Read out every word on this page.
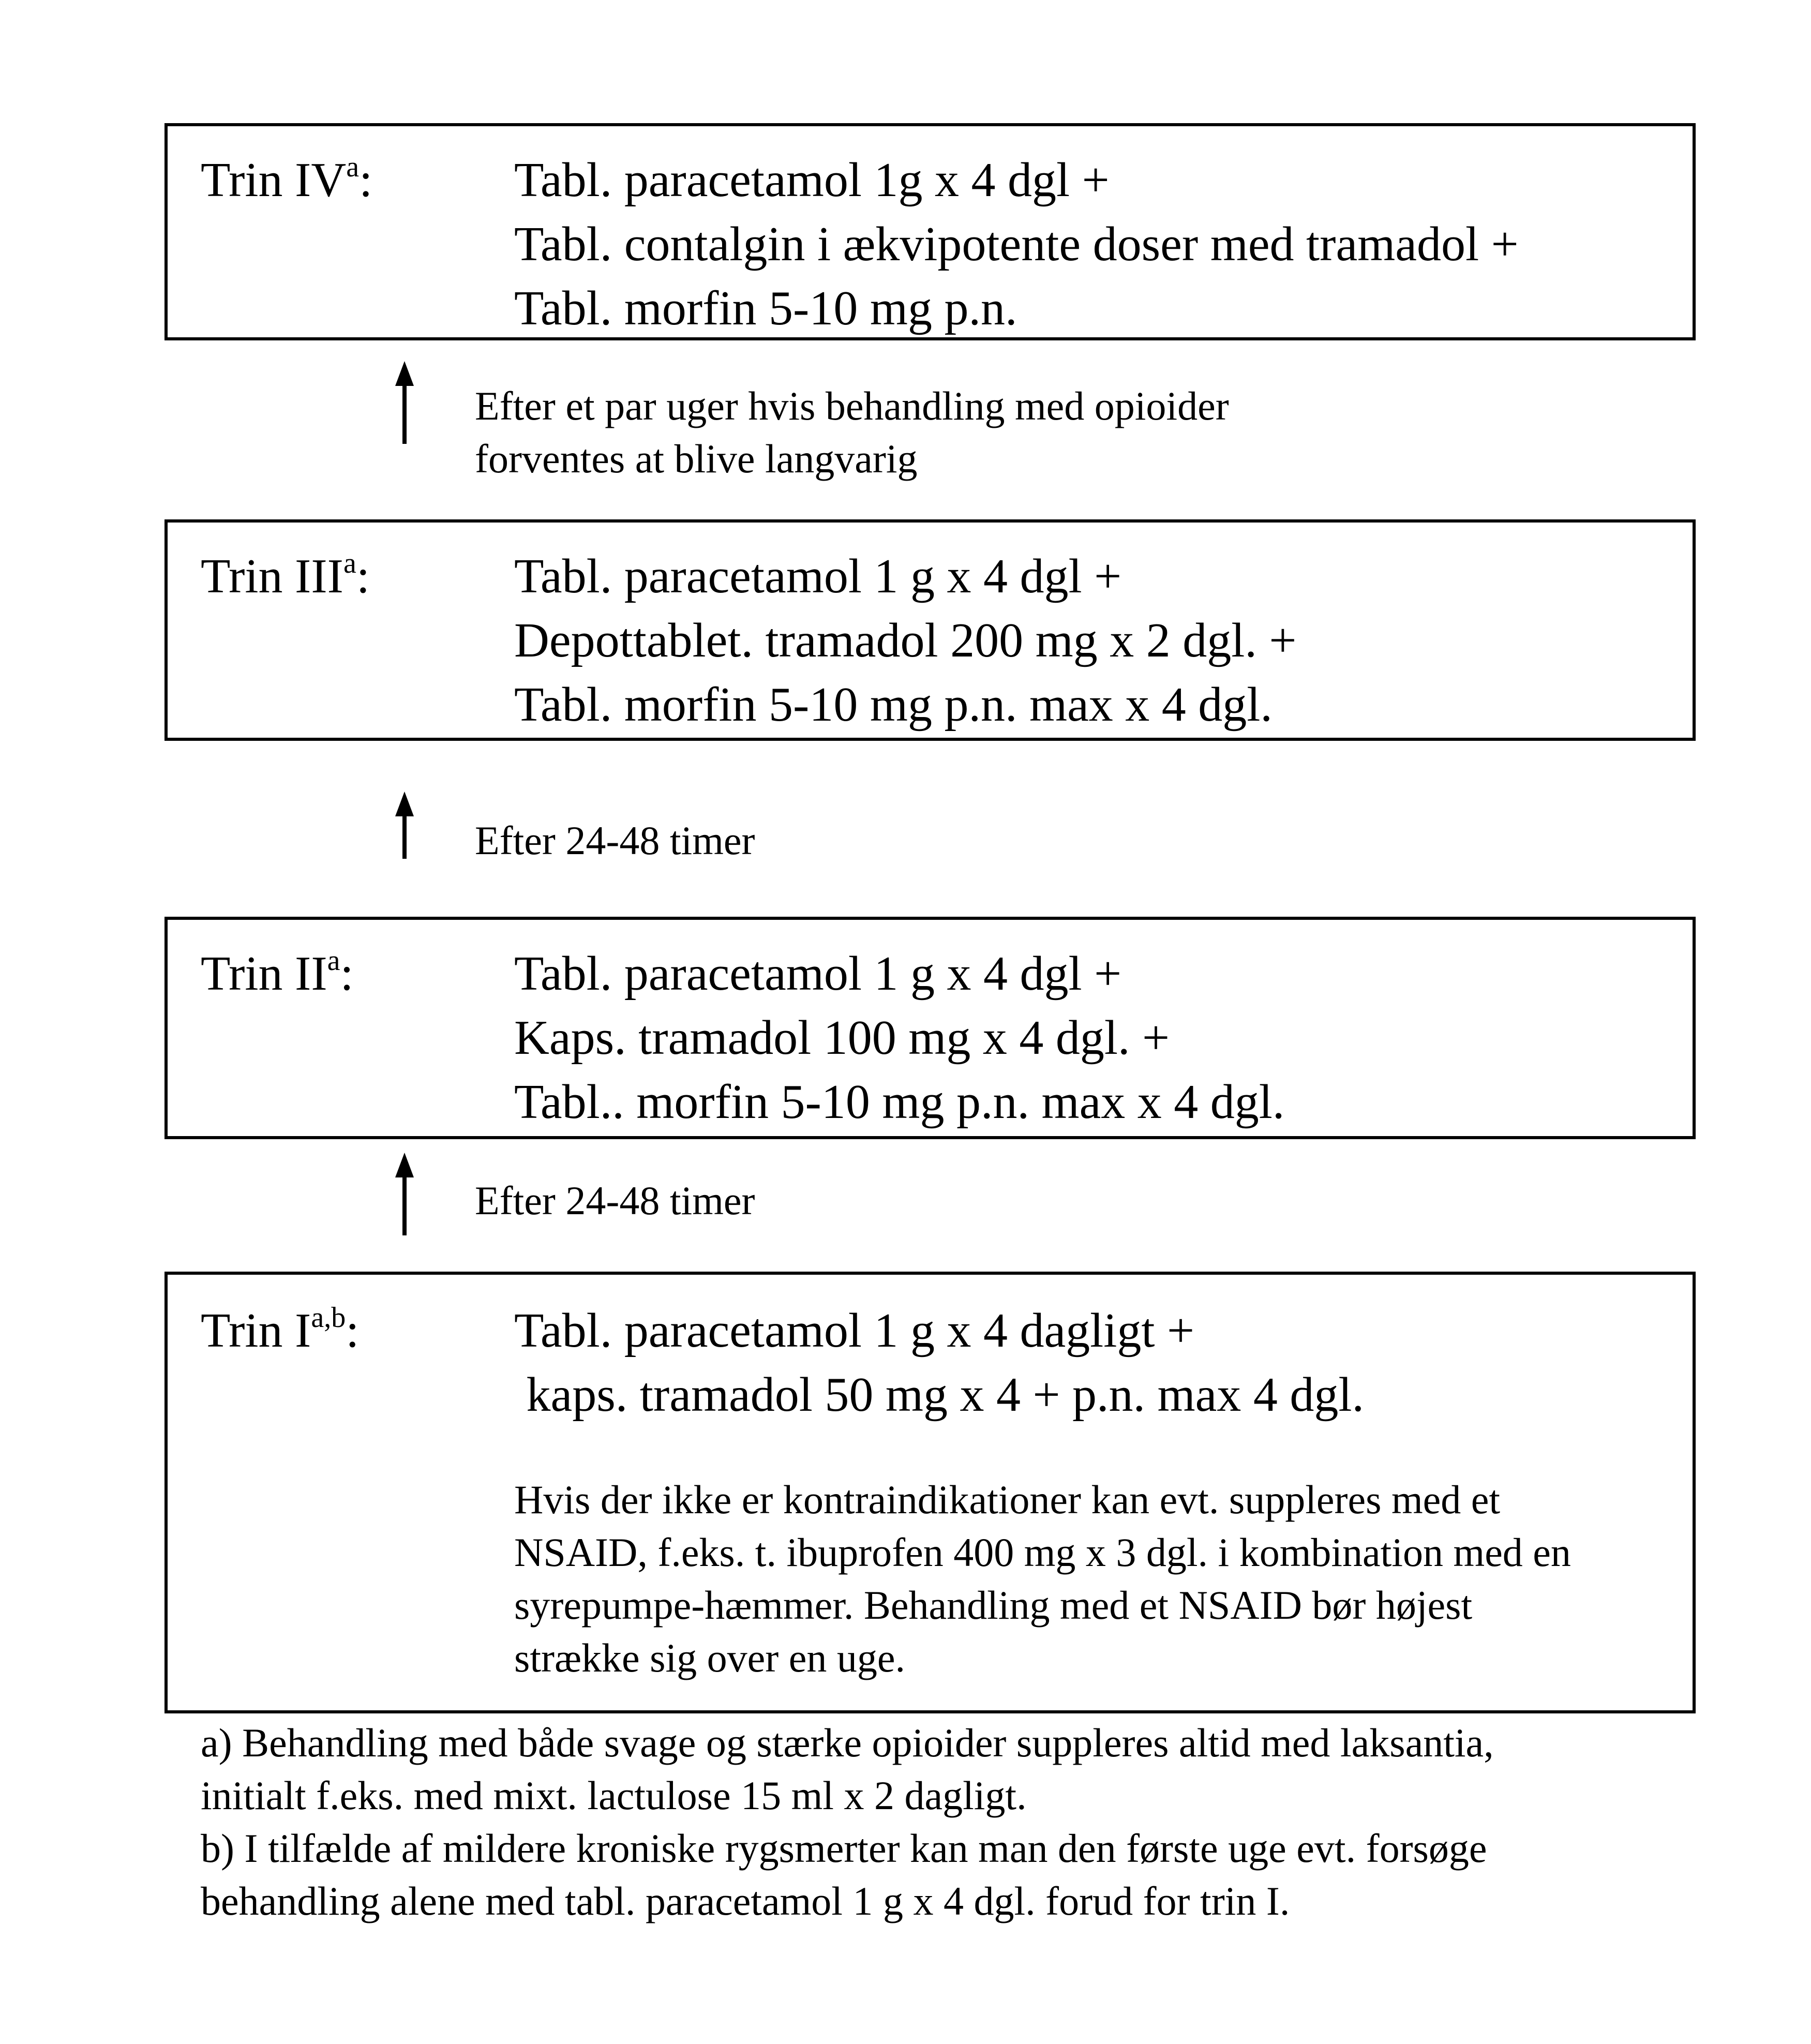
Trin $IV^a$:	Tabl. paracetamol 1g x 4 dgl +
Tabl. contalgin i ækvipotente doser med tramadol +
Tabl. morfin 5-10 mg p.n.
Efter et par uger hvis behandling med opioider
forventes at blive langvarig
Trin III$^a$:	Tabl. paracetamol 1 g x 4 dgl +
Depottablet. tramadol 200 mg x 2 dgl. +
Tabl. morfin 5-10 mg p.n. max x 4 dgl.
Efter 24-48 timer
Trin $II^a$:	Tabl. paracetamol 1 g x 4 dgl +
Kaps. tramadol 100 mg x 4 dgl. +
Tabl.. morfin 5-10 mg p.n. max x 4 dgl.
Efter 24-48 timer
Trin I$^{a,b}$:	Tabl. paracetamol 1 g x 4 dagligt +
kaps. tramadol 50 mg x 4 + p.n. max 4 dgl.
Hvis der ikke er kontraindikationer kan evt. suppleres med et
NSAID, f.eks. t. ibuprofen 400 mg x 3 dgl. i kombination med en
syrepumpe-hæmmer. Behandling med et NSAID bør højest
strække sig over en uge.
a) Behandling med både svage og stærke opioider suppleres altid med laksantia,
initialt f.eks. med mixt. lactulose 15 ml x 2 dagligt.
b) I tilfælde af mildere kroniske rygsmerter kan man den første uge evt. forsøge
behandling alene med tabl. paracetamol 1 g x 4 dgl. forud for trin I.
